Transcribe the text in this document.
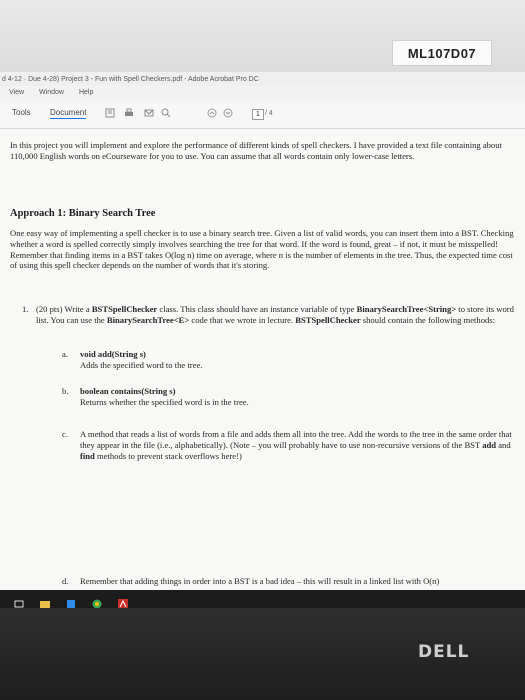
ML107D07
d 4-12 · Due 4-28) Project 3 - Fun with Spell Checkers.pdf - Adobe Acrobat Pro DC
View Window Help
Tools Document	1 / 4
In this project you will implement and explore the performance of different kinds of spell checkers. I have provided a text file containing about 110,000 English words on eCourseware for you to use. You can assume that all words contain only lower-case letters.
Approach 1: Binary Search Tree
One easy way of implementing a spell checker is to use a binary search tree. Given a list of valid words, you can insert them into a BST. Checking whether a word is spelled correctly simply involves searching the tree for that word. If the word is found, great – if not, it must be misspelled! Remember that finding items in a BST takes O(log n) time on average, where n is the number of elements in the tree. Thus, the expected time cost of using this spell checker depends on the number of words that it's storing.
1. (20 pts) Write a BSTSpellChecker class. This class should have an instance variable of type BinarySearchTree<String> to store its word list. You can use the BinarySearchTree<E> code that we wrote in lecture. BSTSpellChecker should contain the following methods:
a. void add(String s)
Adds the specified word to the tree.
b. boolean contains(String s)
Returns whether the specified word is in the tree.
c. A method that reads a list of words from a file and adds them all into the tree. Add the words to the tree in the same order that they appear in the file (i.e., alphabetically). (Note – you will probably have to use non-recursive versions of the BST add and find methods to prevent stack overflows here!)
d. Remember that adding things in order into a BST is a bad idea – this will result in a linked list with O(n)
DELL
